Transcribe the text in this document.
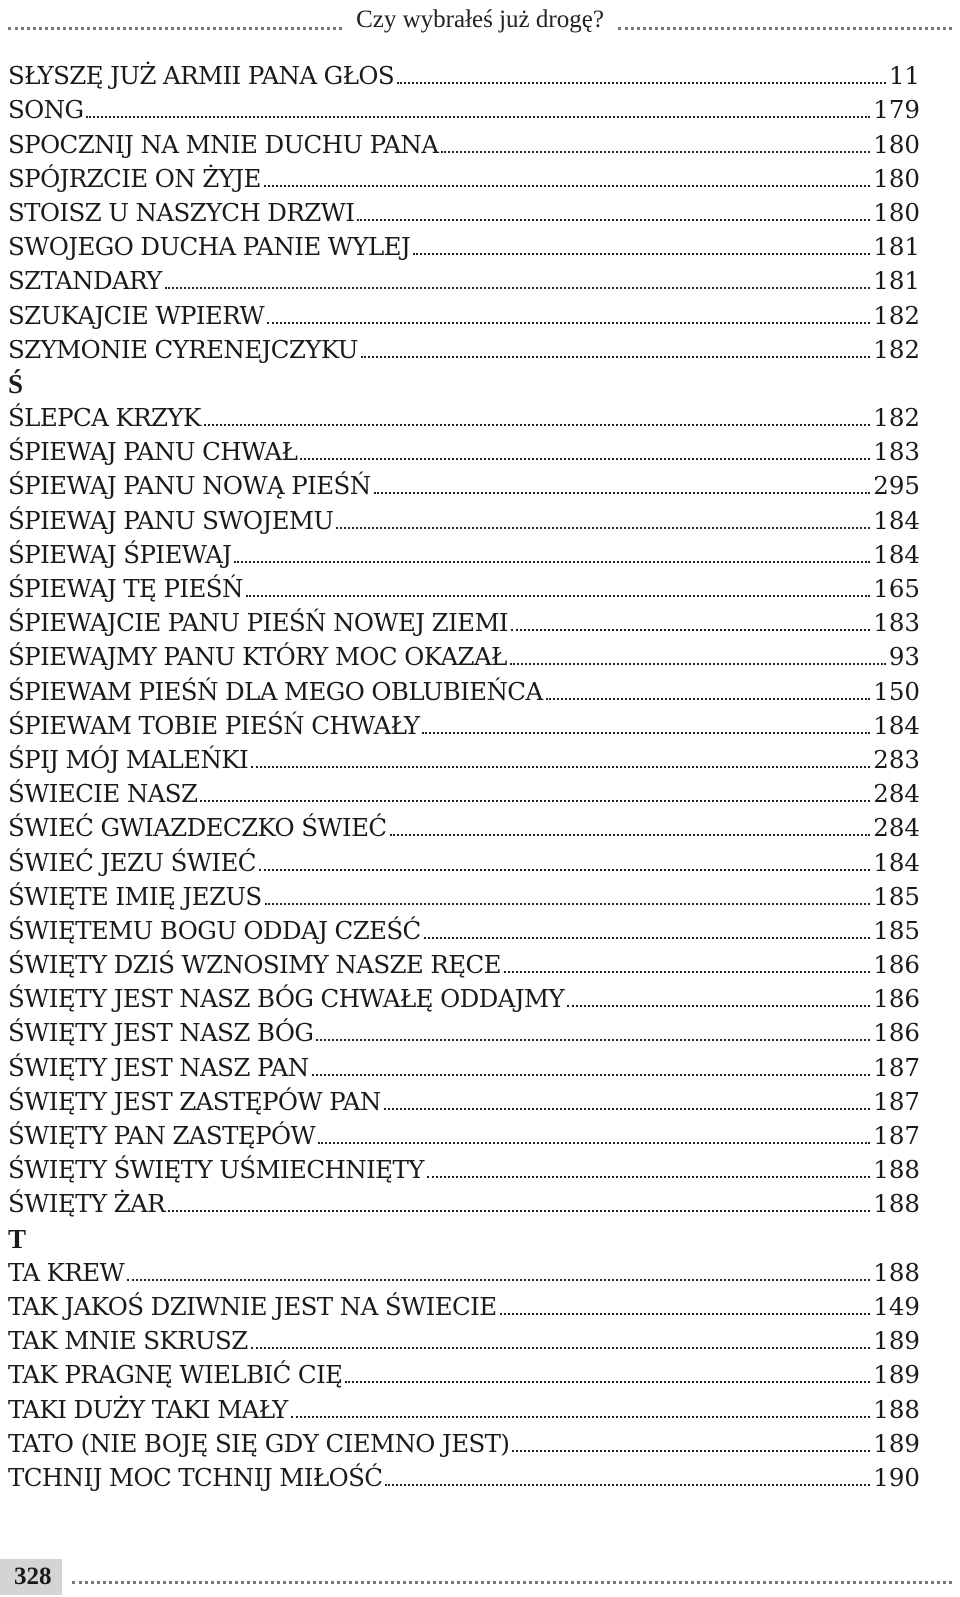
Czy wybrałeś już drogę?
SŁYSZĘ JUŻ ARMII PANA GŁOS	11
SONG	179
SPOCZNIJ NA MNIE DUCHU PANA	180
SPÓJRZCIE ON ŻYJE	180
STOISZ U NASZYCH DRZWI	180
SWOJEGO DUCHA PANIE WYLEJ	181
SZTANDARY	181
SZUKAJCIE WPIERW	182
SZYMONIE CYRENEJCZYKU	182
Ś
ŚLEPCA KRZYK	182
ŚPIEWAJ PANU CHWAŁ	183
ŚPIEWAJ PANU NOWĄ PIEŚŃ	295
ŚPIEWAJ PANU SWOJEMU	184
ŚPIEWAJ ŚPIEWAJ	184
ŚPIEWAJ TĘ PIEŚŃ	165
ŚPIEWAJCIE PANU PIEŚŃ NOWEJ ZIEMI	183
ŚPIEWAJMY PANU KTÓRY MOC OKAZAŁ	93
ŚPIEWAM PIEŚŃ DLA MEGO OBLUBIEŃCA	150
ŚPIEWAM TOBIE PIEŚŃ CHWAŁY	184
ŚPIJ MÓJ MALEŃKI	283
ŚWIECIE NASZ	284
ŚWIEĆ GWIAZDECZKO ŚWIEĆ	284
ŚWIEĆ JEZU ŚWIEĆ	184
ŚWIĘTE IMIĘ JEZUS	185
ŚWIĘTEMU BOGU ODDAJ CZEŚĆ	185
ŚWIĘTY DZIŚ WZNOSIMY NASZE RĘCE	186
ŚWIĘTY JEST NASZ BÓG CHWAŁĘ ODDAJMY	186
ŚWIĘTY JEST NASZ BÓG	186
ŚWIĘTY JEST NASZ PAN	187
ŚWIĘTY JEST ZASTĘPÓW PAN	187
ŚWIĘTY PAN ZASTĘPÓW	187
ŚWIĘTY ŚWIĘTY UŚMIECHNIĘTY	188
ŚWIĘTY ŻAR	188
T
TA KREW	188
TAK JAKOŚ DZIWNIE JEST NA ŚWIECIE	149
TAK MNIE SKRUSZ	189
TAK PRAGNĘ WIELBIĆ CIĘ	189
TAKI DUŻY TAKI MAŁY	188
TATO (NIE BOJĘ SIĘ GDY CIEMNO JEST)	189
TCHNIJ MOC TCHNIJ MIŁOŚĆ	190
328
